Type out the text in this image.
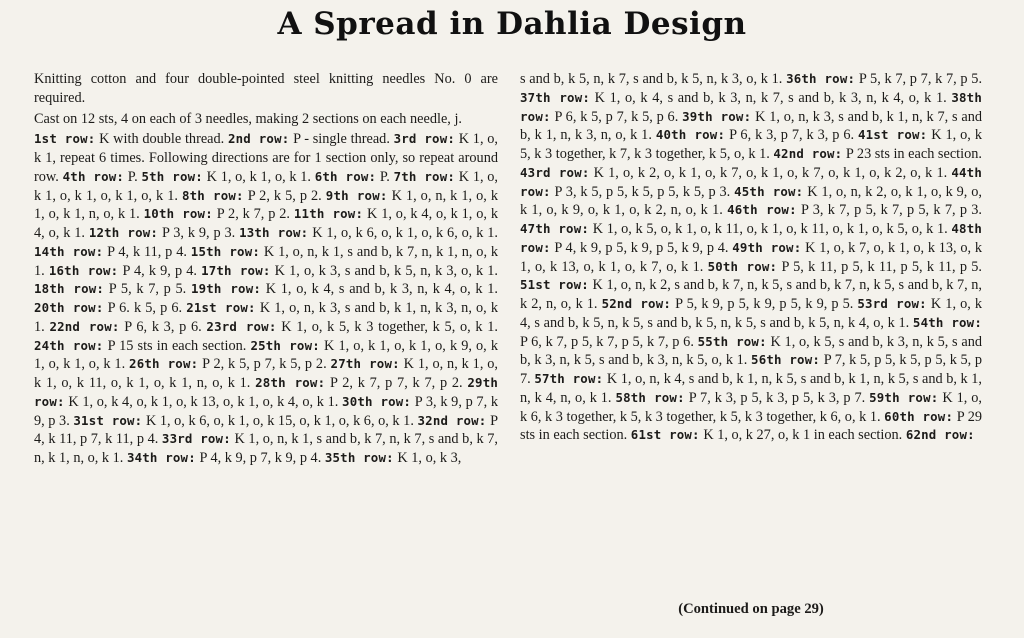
A Spread in Dahlia Design

Knitting cotton and four double-pointed steel knitting needles No. 0 are required.

Cast on 12 sts, 4 on each of 3 needles, making 2 sections on each needle, j.

1st row: K with double thread. 2nd row: P - single thread. 3rd row: K 1, o, k 1, repeat 6 times. Following directions are for 1 section only, so repeat around row. 4th row: P. 5th row: K 1, o, k 1, o, k 1. 6th row: P. 7th row: K 1, o, k 1, o, k 1, o, k 1, o, k 1. 8th row: P 2, k 5, p 2. 9th row: K 1, o, n, k 1, o, k 1, o, k 1, n, o, k 1. 10th row: P 2, k 7, p 2. 11th row: K 1, o, k 4, o, k 1, o, k 4, o, k 1. 12th row: P 3, k 9, p 3. 13th row: K 1, o, k 6, o, k 1, o, k 6, o, k 1. 14th row: P 4, k 11, p 4. 15th row: K 1, o, n, k 1, s and b, k 7, n, k 1, n, o, k 1. 16th row: P 4, k 9, p 4. 17th row: K 1, o, k 3, s and b, k 5, n, k 3, o, k 1. 18th row: P 5, k 7, p 5. 19th row: K 1, o, k 4, s and b, k 3, n, k 4, o, k 1. 20th row: P 6. k 5, p 6. 21st row: K 1, o, n, k 3, s and b, k 1, n, k 3, n, o, k 1. 22nd row: P 6, k 3, p 6. 23rd row: K 1, o, k 5, k 3 together, k 5, o, k 1. 24th row: P 15 sts in each section. 25th row: K 1, o, k 1, o, k 1, o, k 9, o, k 1, o, k 1, o, k 1. 26th row: P 2, k 5, p 7, k 5, p 2. 27th row: K 1, o, n, k 1, o, k 1, o, k 11, o, k 1, o, k 1, n, o, k 1. 28th row: P 2, k 7, p 7, k 7, p 2. 29th row: K 1, o, k 4, o, k 1, o, k 13, o, k 1, o, k 4, o, k 1. 30th row: P 3, k 9, p 7, k 9, p 3. 31st row: K 1, o, k 6, o, k 1, o, k 15, o, k 1, o, k 6, o, k 1. 32nd row: P 4, k 11, p 7, k 11, p 4. 33rd row: K 1, o, n, k 1, s and b, k 7, n, k 7, s and b, k 7, n, k 1, n, o, k 1. 34th row: P 4, k 9, p 7, k 9, p 4. 35th row: K 1, o, k 3,

s and b, k 5, n, k 7, s and b, k 5, n, k 3, o, k 1. 36th row: P 5, k 7, p 7, k 7, p 5. 37th row: K 1, o, k 4, s and b, k 3, n, k 7, s and b, k 3, n, k 4, o, k 1. 38th row: P 6, k 5, p 7, k 5, p 6. 39th row: K 1, o, n, k 3, s and b, k 1, n, k 7, s and b, k 1, n, k 3, n, o, k 1. 40th row: P 6, k 3, p 7, k 3, p 6. 41st row: K 1, o, k 5, k 3 together, k 7, k 3 together, k 5, o, k 1. 42nd row: P 23 sts in each section. 43rd row: K 1, o, k 2, o, k 1, o, k 7, o, k 1, o, k 7, o, k 1, o, k 2, o, k 1. 44th row: P 3, k 5, p 5, k 5, p 5, k 5, p 3. 45th row: K 1, o, n, k 2, o, k 1, o, k 9, o, k 1, o, k 9, o, k 1, o, k 2, n, o, k 1. 46th row: P 3, k 7, p 5, k 7, p 5, k 7, p 3. 47th row: K 1, o, k 5, o, k 1, o, k 11, o, k 1, o, k 11, o, k 1, o, k 5, o, k 1. 48th row: P 4, k 9, p 5, k 9, p 5, k 9, p 4. 49th row: K 1, o, k 7, o, k 1, o, k 13, o, k 1, o, k 13, o, k 1, o, k 7, o, k 1. 50th row: P 5, k 11, p 5, k 11, p 5, k 11, p 5. 51st row: K 1, o, n, k 2, s and b, k 7, n, k 5, s and b, k 7, n, k 5, s and b, k 7, n, k 2, n, o, k 1. 52nd row: P 5, k 9, p 5, k 9, p 5, k 9, p 5. 53rd row: K 1, o, k 4, s and b, k 5, n, k 5, s and b, k 5, n, k 5, s and b, k 5, n, k 4, o, k 1. 54th row: P 6, k 7, p 5, k 7, p 5, k 7, p 6. 55th row: K 1, o, k 5, s and b, k 3, n, k 5, s and b, k 3, n, k 5, s and b, k 3, n, k 5, o, k 1. 56th row: P 7, k 5, p 5, k 5, p 5, k 5, p 7. 57th row: K 1, o, n, k 4, s and b, k 1, n, k 5, s and b, k 1, n, k 5, s and b, k 1, n, k 4, n, o, k 1. 58th row: P 7, k 3, p 5, k 3, p 5, k 3, p 7. 59th row: K 1, o, k 6, k 3 together, k 5, k 3 together, k 5, k 3 together, k 6, o, k 1. 60th row: P 29 sts in each section. 61st row: K 1, o, k 27, o, k 1 in each section. 62nd row:

(Continued on page 29)
